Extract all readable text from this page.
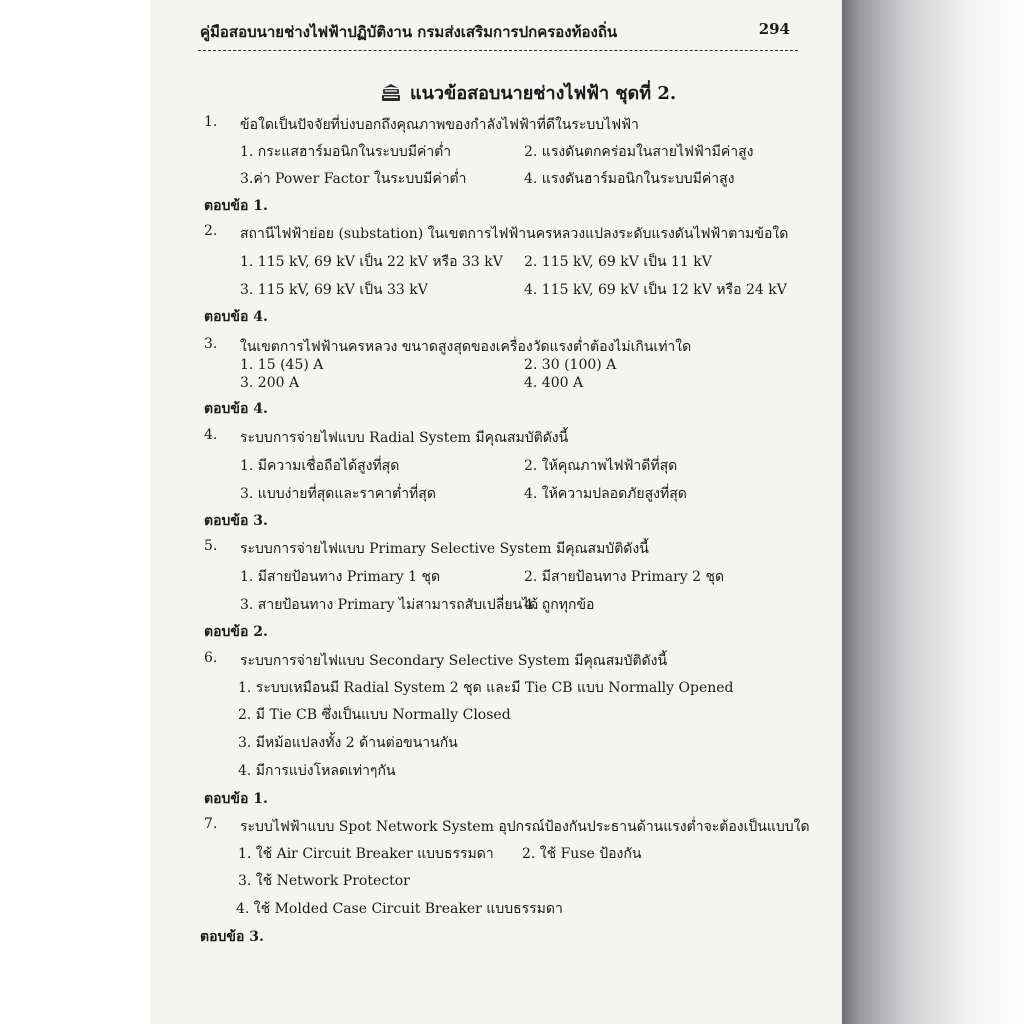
คู่มือสอบนายช่างไฟฟ้าปฏิบัติงาน กรมส่งเสริมการปกครองท้องถิ่น	294
แนวข้อสอบนายช่างไฟฟ้า ชุดที่ 2.
1.	ข้อใดเป็นปัจจัยที่บ่งบอกถึงคุณภาพของกำลังไฟฟ้าที่ดีในระบบไฟฟ้า
1. กระแสฮาร์มอนิกในระบบมีค่าต่ำ	2. แรงดันตกคร่อมในสายไฟฟ้ามีค่าสูง
3.ค่า Power Factor ในระบบมีค่าต่ำ	4. แรงดันฮาร์มอนิกในระบบมีค่าสูง
ตอบข้อ 1.
2.	สถานีไฟฟ้าย่อย (substation) ในเขตการไฟฟ้านครหลวงแปลงระดับแรงดันไฟฟ้าตามข้อใด
1. 115 kV, 69 kV เป็น 22 kV หรือ 33 kV 2. 115 kV, 69 kV เป็น 11 kV
3. 115 kV, 69 kV เป็น 33 kV	4. 115 kV, 69 kV เป็น 12 kV หรือ 24 kV
ตอบข้อ 4.
3.	ในเขตการไฟฟ้านครหลวง ขนาดสูงสุดของเครื่องวัดแรงต่ำต้องไม่เกินเท่าใด
1. 15 (45) A	2. 30 (100) A
3. 200 A	4. 400 A
ตอบข้อ 4.
4.	ระบบการจ่ายไฟแบบ Radial System มีคุณสมบัติดังนี้
1. มีความเชื่อถือได้สูงที่สุด	2. ให้คุณภาพไฟฟ้าดีที่สุด
3. แบบง่ายที่สุดและราคาต่ำที่สุด	4. ให้ความปลอดภัยสูงที่สุด
ตอบข้อ 3.
5.	ระบบการจ่ายไฟแบบ Primary Selective System มีคุณสมบัติดังนี้
1. มีสายป้อนทาง Primary 1 ชุด	2. มีสายป้อนทาง Primary 2 ชุด
3. สายป้อนทาง Primary ไม่สามารถสับเปลี่ยนได้
4. ถูกทุกข้อ
ตอบข้อ 2.
6.	ระบบการจ่ายไฟแบบ Secondary Selective System มีคุณสมบัติดังนี้
1. ระบบเหมือนมี Radial System 2 ชุด และมี Tie CB แบบ Normally Opened
2. มี Tie CB ซึ่งเป็นแบบ Normally Closed
3. มีหม้อแปลงทั้ง 2 ด้านต่อขนานกัน
4. มีการแบ่งโหลดเท่าๆกัน
ตอบข้อ 1.
7.	ระบบไฟฟ้าแบบ Spot Network System อุปกรณ์ป้องกันประธานด้านแรงต่ำจะต้องเป็นแบบใด
1. ใช้ Air Circuit Breaker แบบธรรมดา 2. ใช้ Fuse ป้องกัน
3. ใช้ Network Protector
4. ใช้ Molded Case Circuit Breaker แบบธรรมดา
ตอบข้อ 3.
